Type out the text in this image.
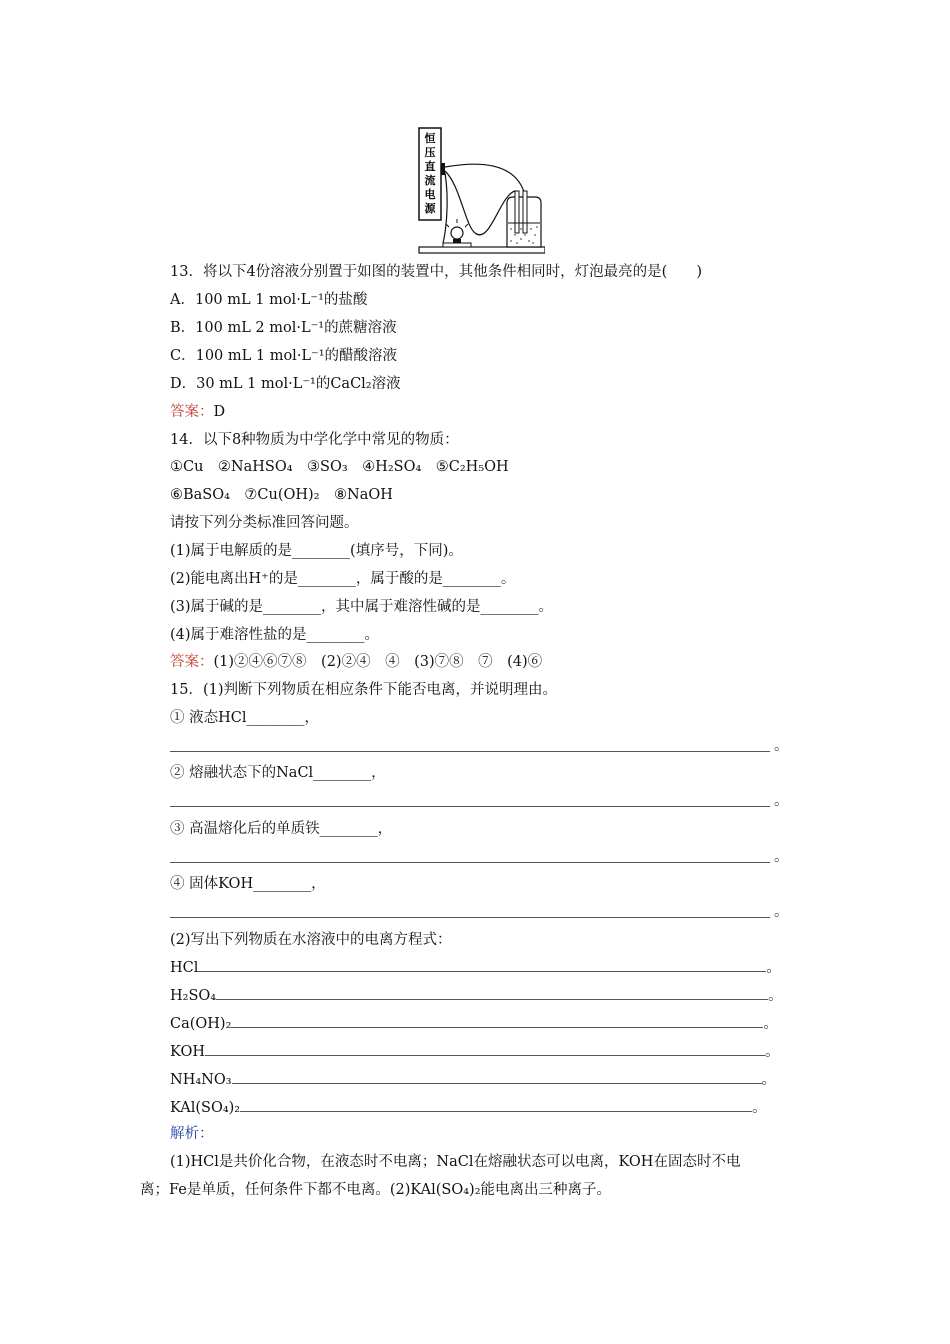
恒
压
直
流
电
源
13．将以下4份溶液分别置于如图的装置中，其他条件相同时，灯泡最亮的是(　　)
A．100 mL 1 mol·L⁻¹的盐酸
B．100 mL 2 mol·L⁻¹的蔗糖溶液
C．100 mL 1 mol·L⁻¹的醋酸溶液
D．30 mL 1 mol·L⁻¹的CaCl₂溶液
答案：D
14．以下8种物质为中学化学中常见的物质：
①Cu　②NaHSO₄　③SO₃　④H₂SO₄　⑤C₂H₅OH
⑥BaSO₄　⑦Cu(OH)₂　⑧NaOH
请按下列分类标准回答问题。
(1)属于电解质的是________(填序号，下同)。
(2)能电离出H⁺的是________，属于酸的是________。
(3)属于碱的是________，其中属于难溶性碱的是________。
(4)属于难溶性盐的是________。
答案：(1)②④⑥⑦⑧　(2)②④　④　(3)⑦⑧　⑦　(4)⑥
15．(1)判断下列物质在相应条件下能否电离，并说明理由。
① 液态HCl________，
。
② 熔融状态下的NaCl________，
。
③ 高温熔化后的单质铁________，
。
④ 固体KOH________，
。
(2)写出下列物质在水溶液中的电离方程式：
HCl	。
H₂SO₄	。
Ca(OH)₂	。
KOH	。
NH₄NO₃	。
KAl(SO₄)₂	。
解析：
(1)HCl是共价化合物，在液态时不电离；NaCl在熔融状态可以电离，KOH在固态时不电
离；Fe是单质，任何条件下都不电离。(2)KAl(SO₄)₂能电离出三种离子。
